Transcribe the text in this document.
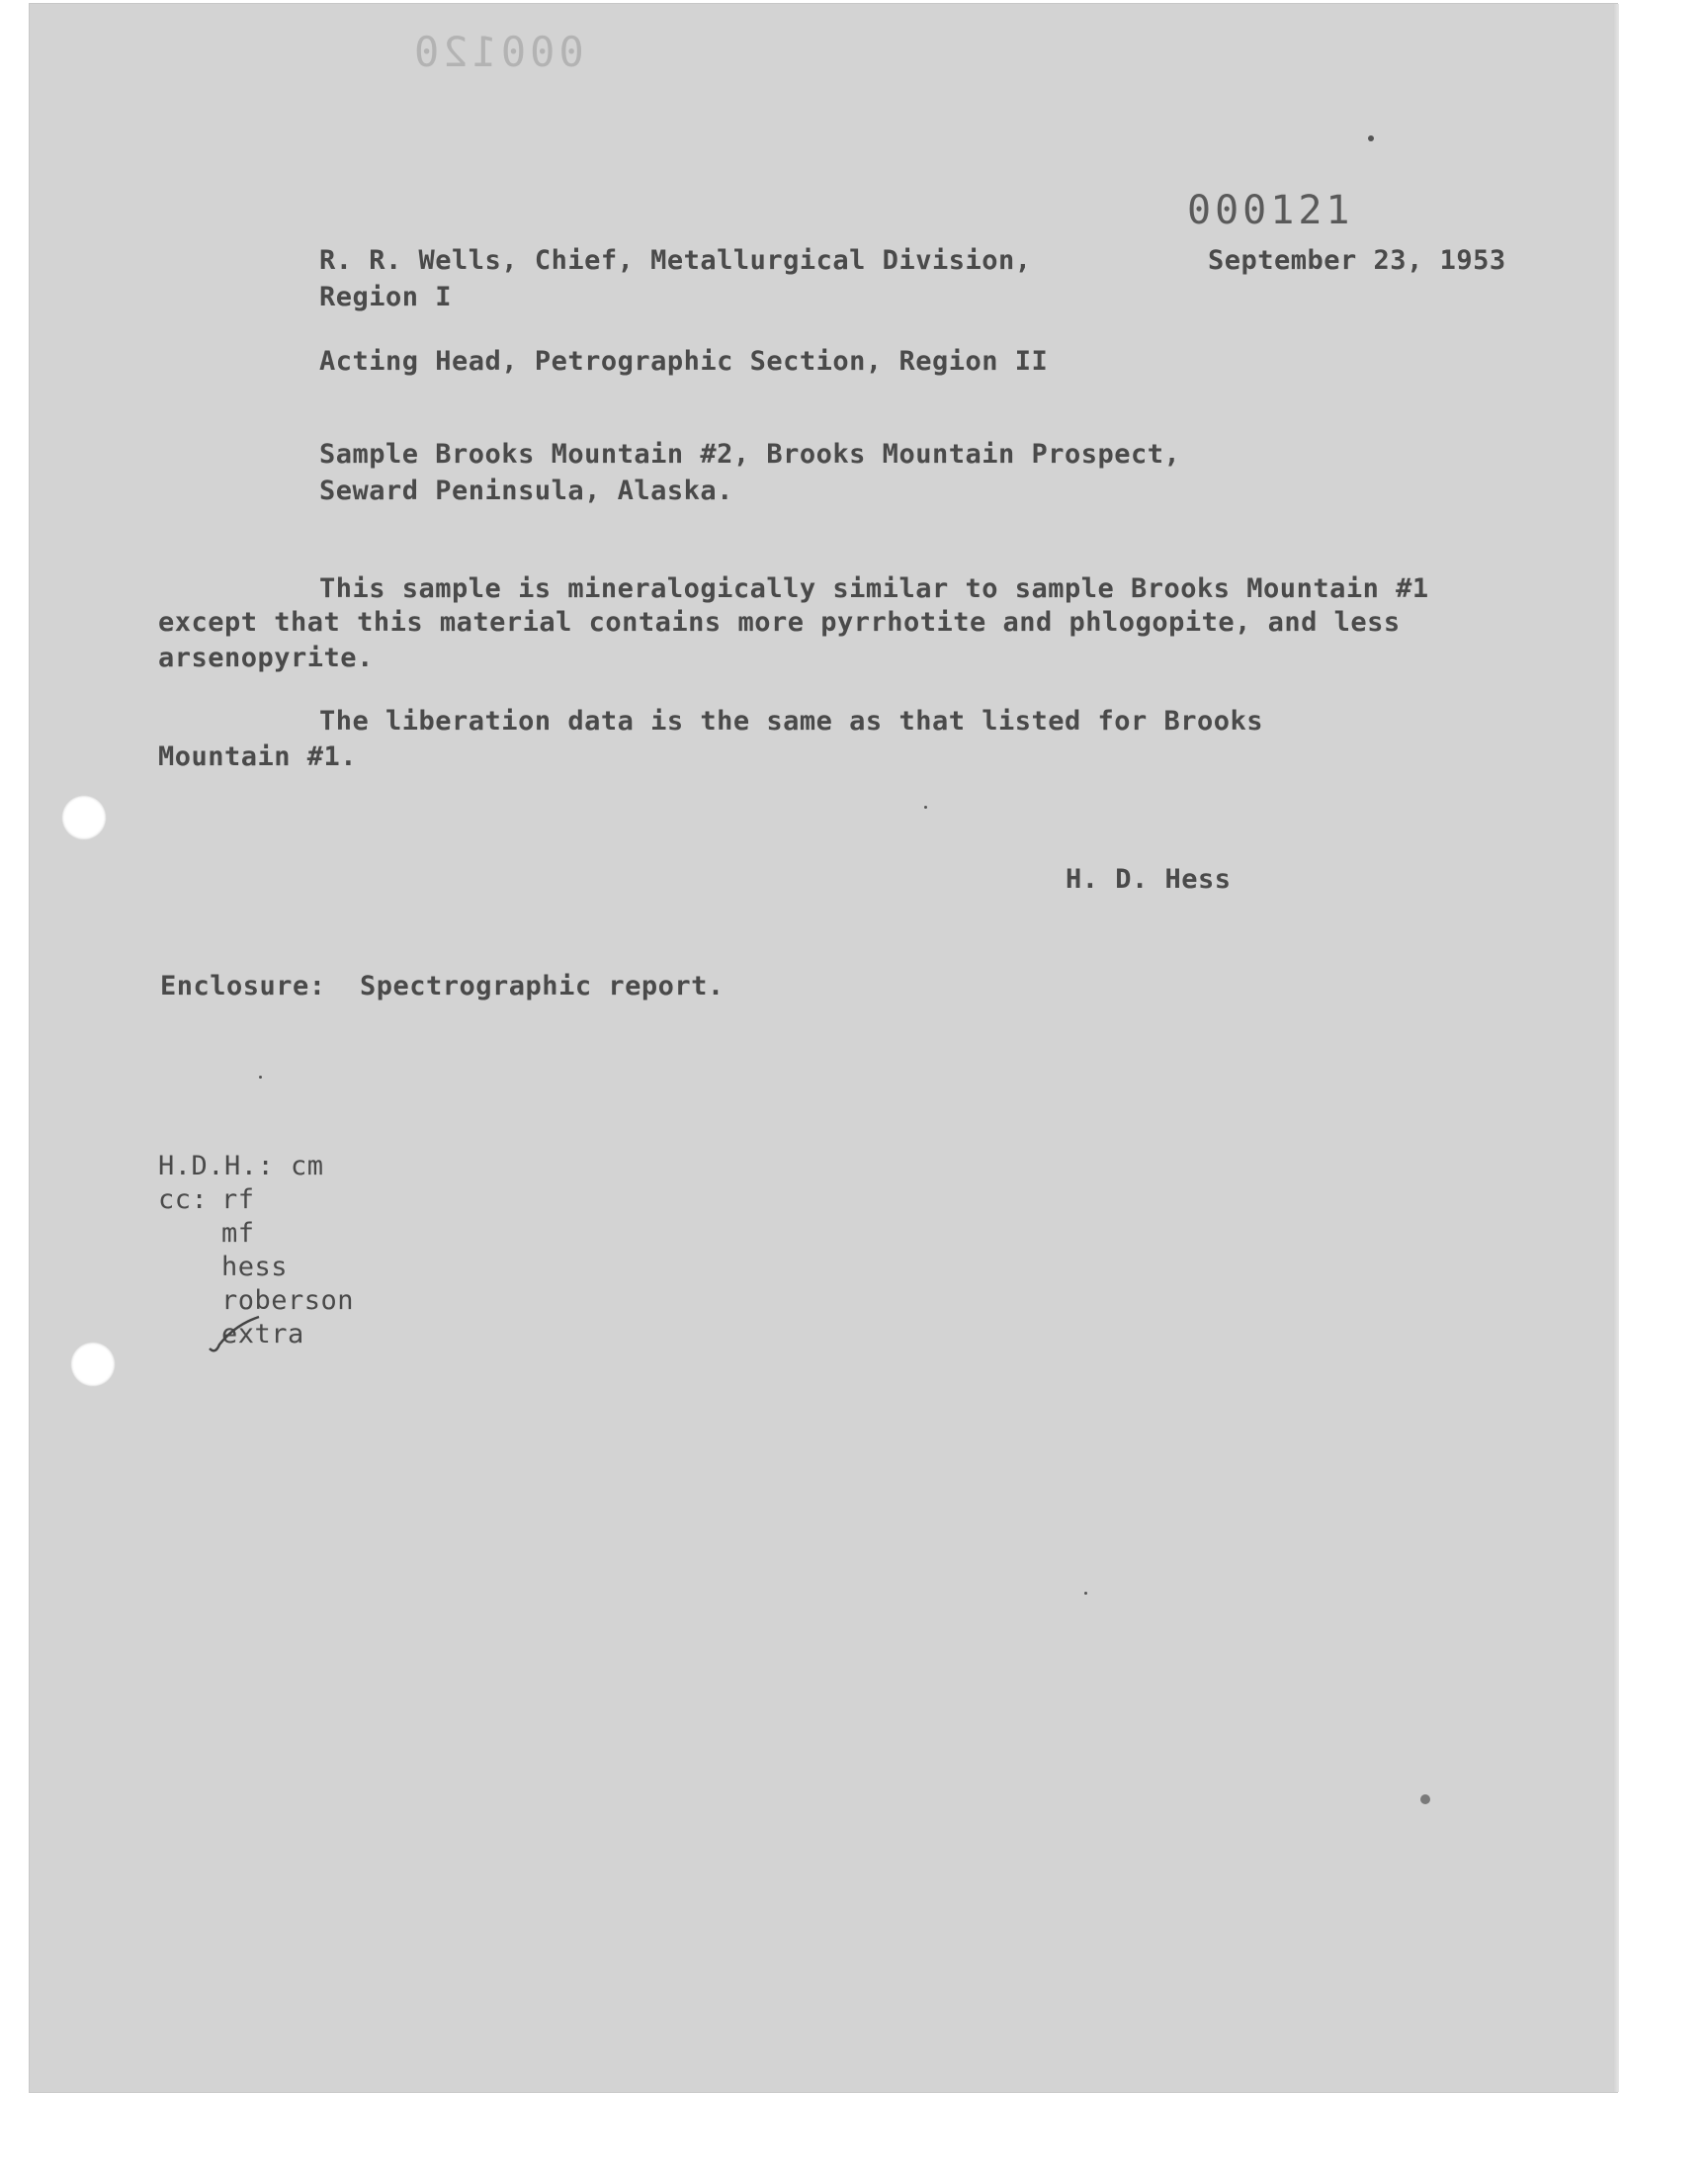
000120
000121
September 23, 1953
R. R. Wells, Chief, Metallurgical Division,
Region I
Acting Head, Petrographic Section, Region II
Sample Brooks Mountain #2, Brooks Mountain Prospect,
Seward Peninsula, Alaska.
This sample is mineralogically similar to sample Brooks Mountain #1
except that this material contains more pyrrhotite and phlogopite, and less
arsenopyrite.
The liberation data is the same as that listed for Brooks
Mountain #1.
H. D. Hess
Enclosure: Spectrographic report.
H.D.H.: cm
cc: rf
mf
hess
roberson
extra
